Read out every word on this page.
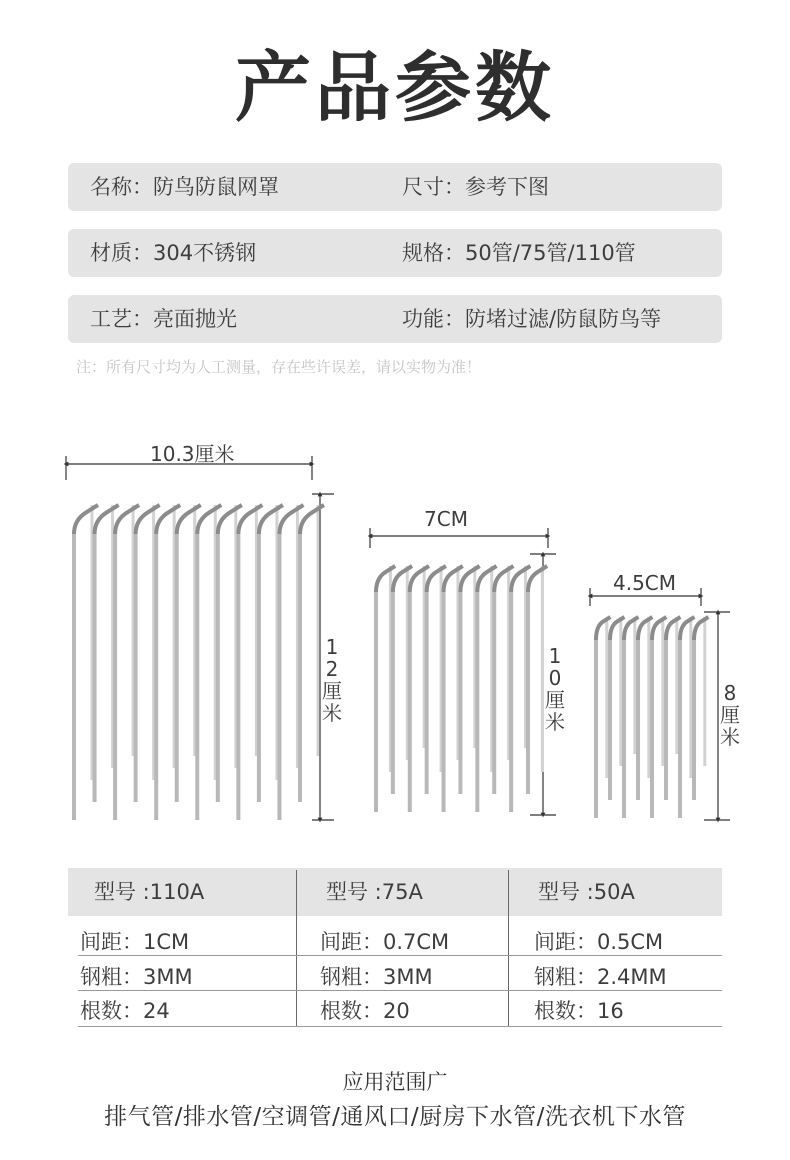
产品参数
名称：防鸟防鼠网罩	尺寸：参考下图
材质：304不锈钢	规格：50管/75管/110管
工艺：亮面抛光	功能：防堵过滤/防鼠防鸟等
注：所有尺寸均为人工测量，存在些许误差，请以实物为准！
10.3厘米
12厘米
7CM
10厘米
4.5CM
8厘米
型号 :110A	型号 :75A	型号 :50A
间距：1CM	间距：0.7CM	间距：0.5CM
钢粗：3MM	钢粗：3MM	钢粗：2.4MM
根数：24	根数：20	根数：16
应用范围广
排气管/排水管/空调管/通风口/厨房下水管/洗衣机下水管
